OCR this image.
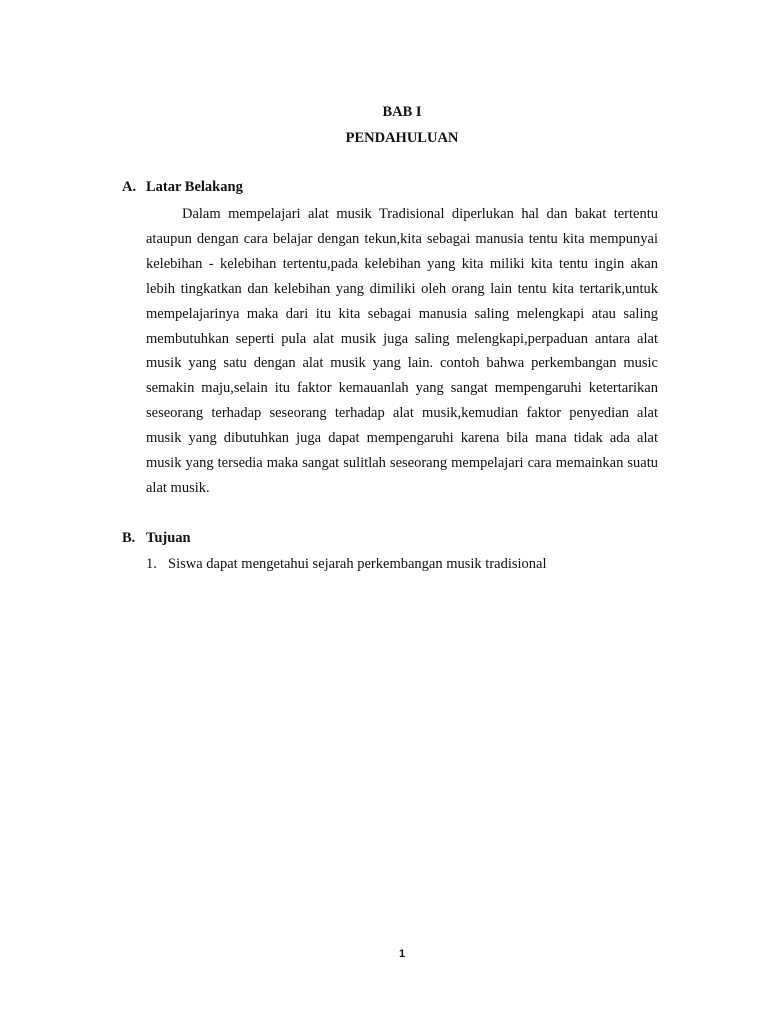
BAB I

PENDAHULUAN

A. Latar Belakang

Dalam mempelajari alat musik Tradisional diperlukan hal dan bakat tertentu ataupun dengan cara belajar dengan tekun,kita sebagai manusia tentu kita mempunyai kelebihan - kelebihan tertentu,pada kelebihan yang kita miliki kita tentu ingin akan lebih tingkatkan dan kelebihan yang dimiliki oleh orang lain tentu kita tertarik,untuk mempelajarinya maka dari itu kita sebagai manusia saling melengkapi atau saling membutuhkan seperti pula alat musik juga saling melengkapi,perpaduan antara alat musik yang satu dengan alat musik yang lain. contoh bahwa perkembangan music semakin maju,selain itu faktor kemauanlah yang sangat mempengaruhi ketertarikan seseorang terhadap seseorang terhadap alat musik,kemudian faktor penyedian alat musik yang dibutuhkan juga dapat mempengaruhi karena bila mana tidak ada alat musik yang tersedia maka sangat sulitlah seseorang mempelajari cara memainkan suatu alat musik.

B. Tujuan

1. Siswa dapat mengetahui sejarah perkembangan musik tradisional

1
